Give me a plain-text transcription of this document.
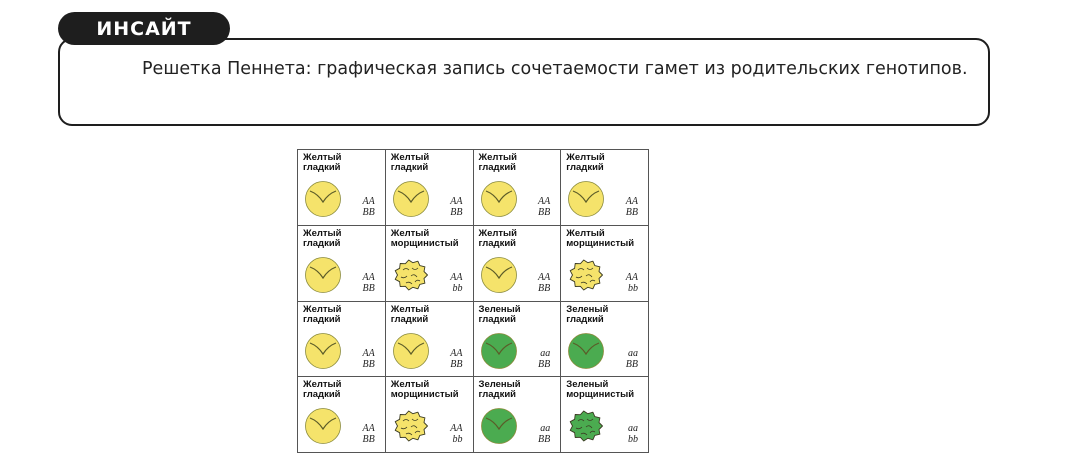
ИНСАЙТ

Решетка Пеннета: графическая запись сочетаемости гамет из родительских генотипов.

Желтый
гладкий
AA
BB
Желтый
гладкий
AA
BB
Желтый
гладкий
AA
BB
Желтый
гладкий
AA
BB
Желтый
гладкий
AA
BB
Желтый
морщинистый
AA
bb
Желтый
гладкий
AA
BB
Желтый
морщинистый
AA
bb
Желтый
гладкий
AA
BB
Желтый
гладкий
AA
BB
Зеленый
гладкий
aa
BB
Зеленый
гладкий
aa
BB
Желтый
гладкий
AA
BB
Желтый
морщинистый
AA
bb
Зеленый
гладкий
aa
BB
Зеленый
морщинистый
aa
bb
